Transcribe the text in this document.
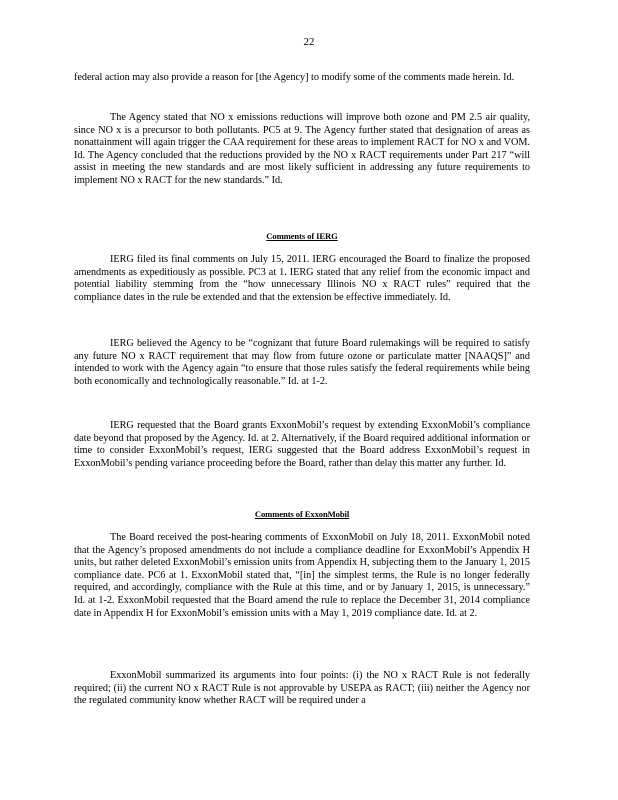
22

federal action may also provide a reason for [the Agency] to modify some of the comments made herein. Id.

The Agency stated that NO x emissions reductions will improve both ozone and PM 2.5 air quality, since NO x is a precursor to both pollutants. PC5 at 9. The Agency further stated that designation of areas as nonattainment will again trigger the CAA requirement for these areas to implement RACT for NO x and VOM. Id. The Agency concluded that the reductions provided by the NO x RACT requirements under Part 217 “will assist in meeting the new standards and are most likely sufficient in addressing any future requirements to implement NO x RACT for the new standards.” Id.

Comments of IERG

IERG filed its final comments on July 15, 2011. IERG encouraged the Board to finalize the proposed amendments as expeditiously as possible. PC3 at 1. IERG stated that any relief from the economic impact and potential liability stemming from the “how unnecessary Illinois NO x RACT rules” required that the compliance dates in the rule be extended and that the extension be effective immediately. Id.

IERG believed the Agency to be “cognizant that future Board rulemakings will be required to satisfy any future NO x RACT requirement that may flow from future ozone or particulate matter [NAAQS]” and intended to work with the Agency again “to ensure that those rules satisfy the federal requirements while being both economically and technologically reasonable.” Id. at 1-2.

IERG requested that the Board grants ExxonMobil’s request by extending ExxonMobil’s compliance date beyond that proposed by the Agency. Id. at 2. Alternatively, if the Board required additional information or time to consider ExxonMobil’s request, IERG suggested that the Board address ExxonMobil’s request in ExxonMobil’s pending variance proceeding before the Board, rather than delay this matter any further. Id.

Comments of ExxonMobil

The Board received the post-hearing comments of ExxonMobil on July 18, 2011. ExxonMobil noted that the Agency’s proposed amendments do not include a compliance deadline for ExxonMobil’s Appendix H units, but rather deleted ExxonMobil’s emission units from Appendix H, subjecting them to the January 1, 2015 compliance date. PC6 at 1. ExxonMobil stated that, “[in] the simplest terms, the Rule is no longer federally required, and accordingly, compliance with the Rule at this time, and or by January 1, 2015, is unnecessary.” Id. at 1-2. ExxonMobil requested that the Board amend the rule to replace the December 31, 2014 compliance date in Appendix H for ExxonMobil’s emission units with a May 1, 2019 compliance date. Id. at 2.

ExxonMobil summarized its arguments into four points: (i) the NO x RACT Rule is not federally required; (ii) the current NO x RACT Rule is not approvable by USEPA as RACT; (iii) neither the Agency nor the regulated community know whether RACT will be required under a
